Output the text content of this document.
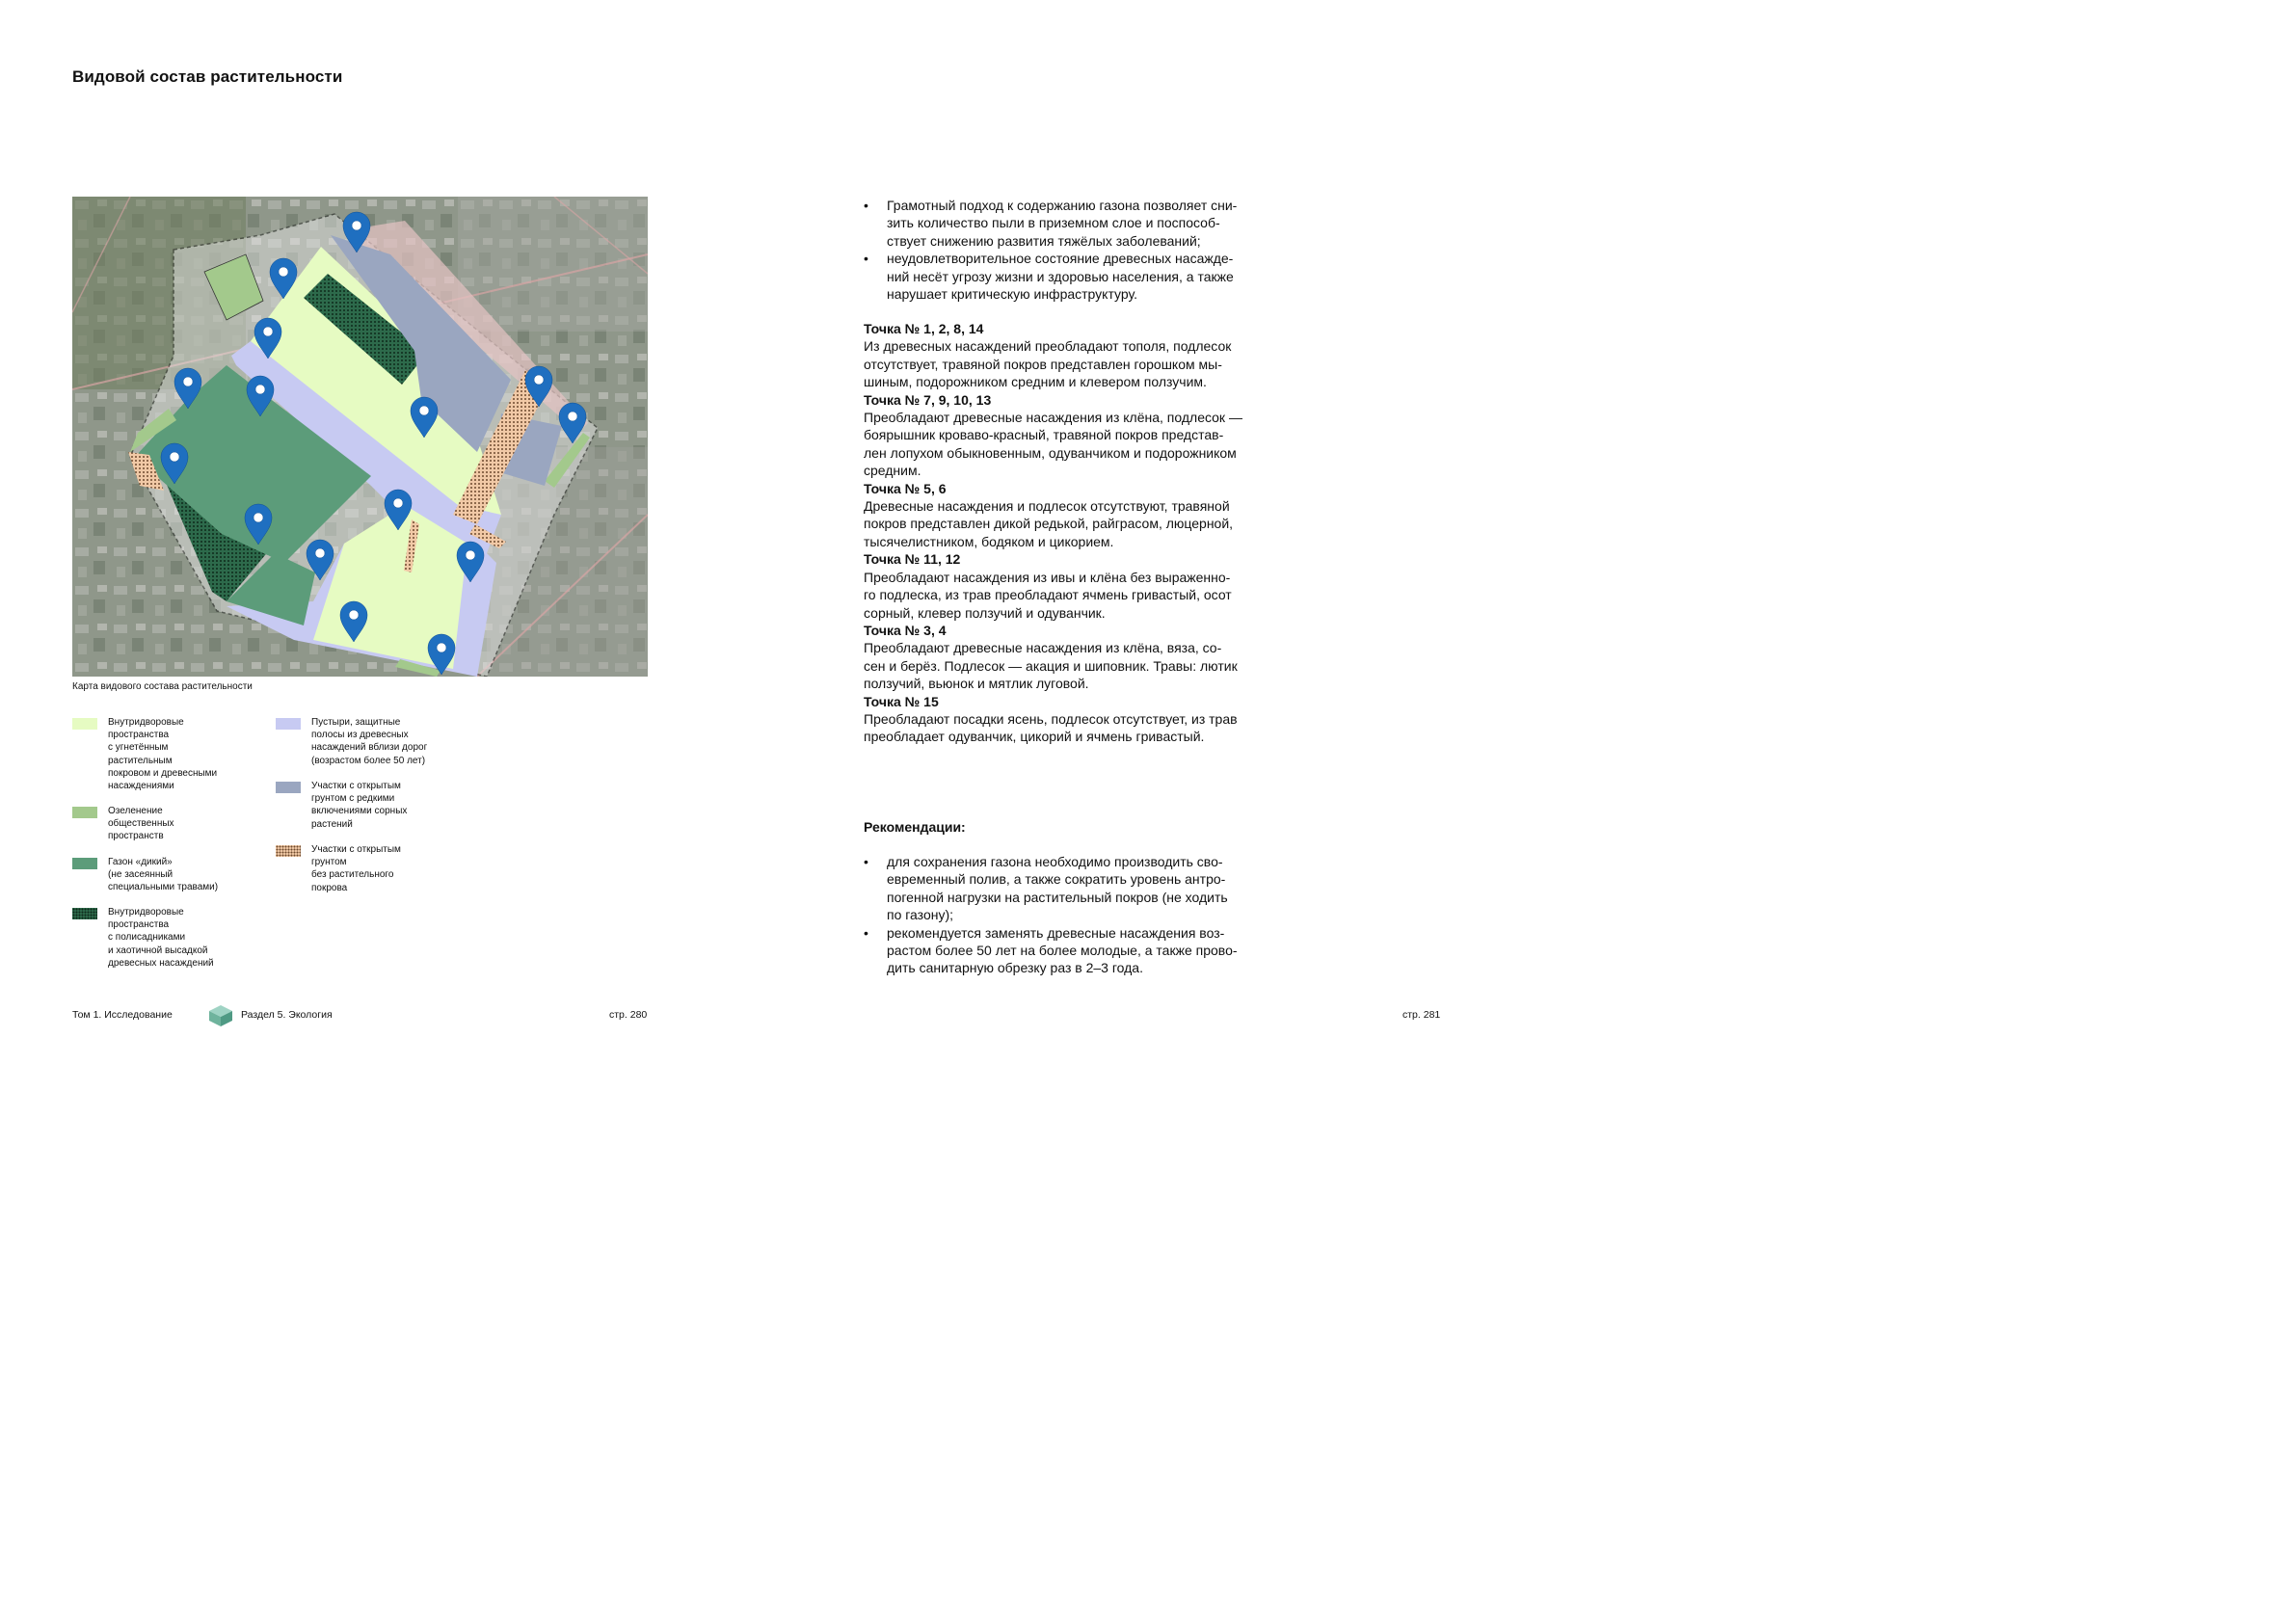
Видовой состав растительности
Карта видового состава растительности
Внутридворовые
пространства
с угнетённым
растительным
покровом и древесными
насаждениями
Озеленение
общественных
пространств
Газон «дикий»
(не засеянный
специальными травами)
Внутридворовые
пространства
с полисадниками
и хаотичной высадкой
древесных насаждений
Пустыри, защитные
полосы из древесных
насаждений вблизи дорог
(возрастом более 50 лет)
Участки с открытым
грунтом с редкими
включениями сорных
растений
Участки с открытым
грунтом
без растительного
покрова
• Грамотный подход к содержанию газона позволяет сни-
зить количество пыли в приземном слое и поспособ-
ствует снижению развития тяжёлых заболеваний;
• неудовлетворительное состояние древесных насажде-
ний несёт угрозу жизни и здоровью населения, а также
нарушает критическую инфраструктуру.
Точка № 1, 2, 8, 14
Из древесных насаждений преобладают тополя, подлесок
отсутствует, травяной покров представлен горошком мы-
шиным, подорожником средним и клевером ползучим.
Точка № 7, 9, 10, 13
Преобладают древесные насаждения из клёна, подлесок —
боярышник кроваво-красный, травяной покров представ-
лен лопухом обыкновенным, одуванчиком и подорожником
средним.
Точка № 5, 6
Древесные насаждения и подлесок отсутствуют, травяной
покров представлен дикой редькой, райграсом, люцерной,
тысячелистником, бодяком и цикорием.
Точка № 11, 12
Преобладают насаждения из ивы и клёна без выраженно-
го подлеска, из трав преобладают ячмень гривастый, осот
сорный, клевер ползучий и одуванчик.
Точка № 3, 4
Преобладают древесные насаждения из клёна, вяза, со-
сен и берёз. Подлесок — акация и шиповник. Травы: лютик
ползучий, вьюнок и мятлик луговой.
Точка № 15
Преобладают посадки ясень, подлесок отсутствует, из трав
преобладает одуванчик, цикорий и ячмень гривастый.
Рекомендации:
• для сохранения газона необходимо производить сво-
евременный полив, а также сократить уровень антро-
погенной нагрузки на растительный покров (не ходить
по газону);
• рекомендуется заменять древесные насаждения воз-
растом более 50 лет на более молодые, а также прово-
дить санитарную обрезку раз в 2–3 года.
Том 1. Исследование	Раздел 5. Экология	стр. 280	стр. 281
